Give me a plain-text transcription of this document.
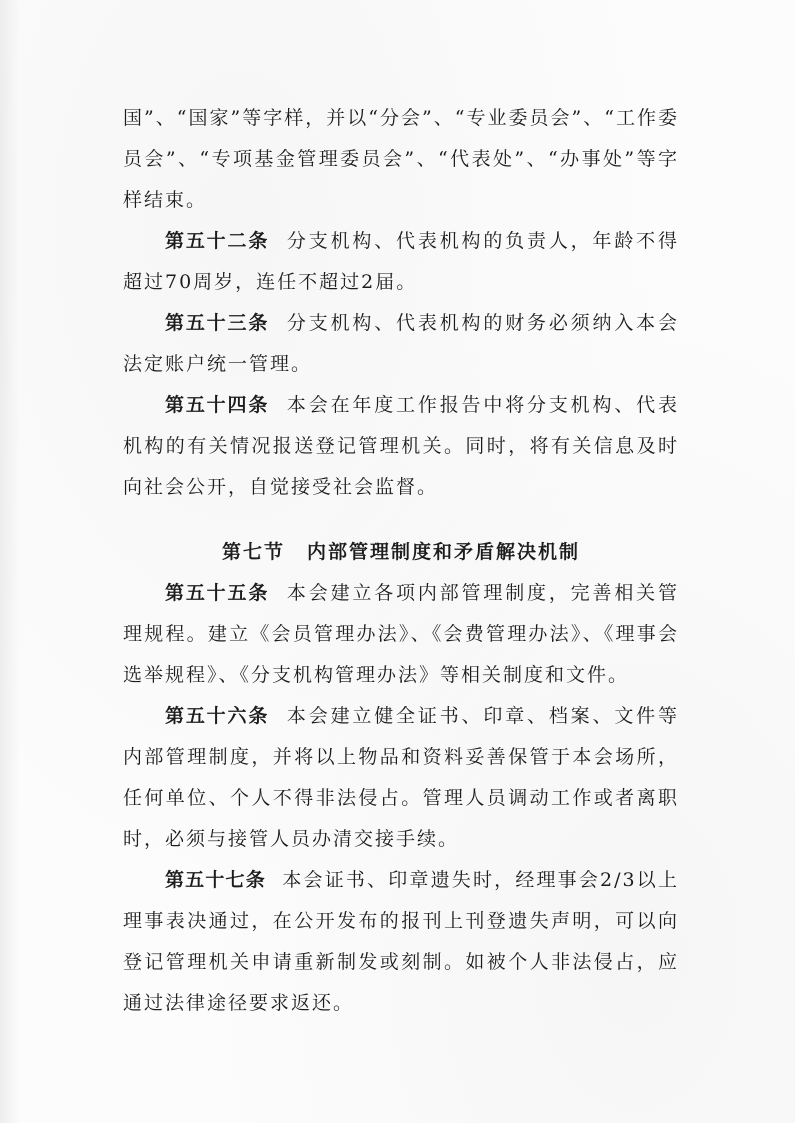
国”、“国家”等字样，并以“分会”、“专业委员会”、“工作委员会”、“专项基金管理委员会”、“代表处”、“办事处”等字样结束。

第五十二条 分支机构、代表机构的负责人，年龄不得超过70周岁，连任不超过2届。

第五十三条 分支机构、代表机构的财务必须纳入本会法定账户统一管理。

第五十四条 本会在年度工作报告中将分支机构、代表机构的有关情况报送登记管理机关。同时，将有关信息及时向社会公开，自觉接受社会监督。

第七节 内部管理制度和矛盾解决机制

第五十五条 本会建立各项内部管理制度，完善相关管理规程。建立《会员管理办法》、《会费管理办法》、《理事会选举规程》、《分支机构管理办法》等相关制度和文件。

第五十六条 本会建立健全证书、印章、档案、文件等内部管理制度，并将以上物品和资料妥善保管于本会场所，任何单位、个人不得非法侵占。管理人员调动工作或者离职时，必须与接管人员办清交接手续。

第五十七条 本会证书、印章遗失时，经理事会2/3以上理事表决通过，在公开发布的报刊上刊登遗失声明，可以向登记管理机关申请重新制发或刻制。如被个人非法侵占，应通过法律途径要求返还。
